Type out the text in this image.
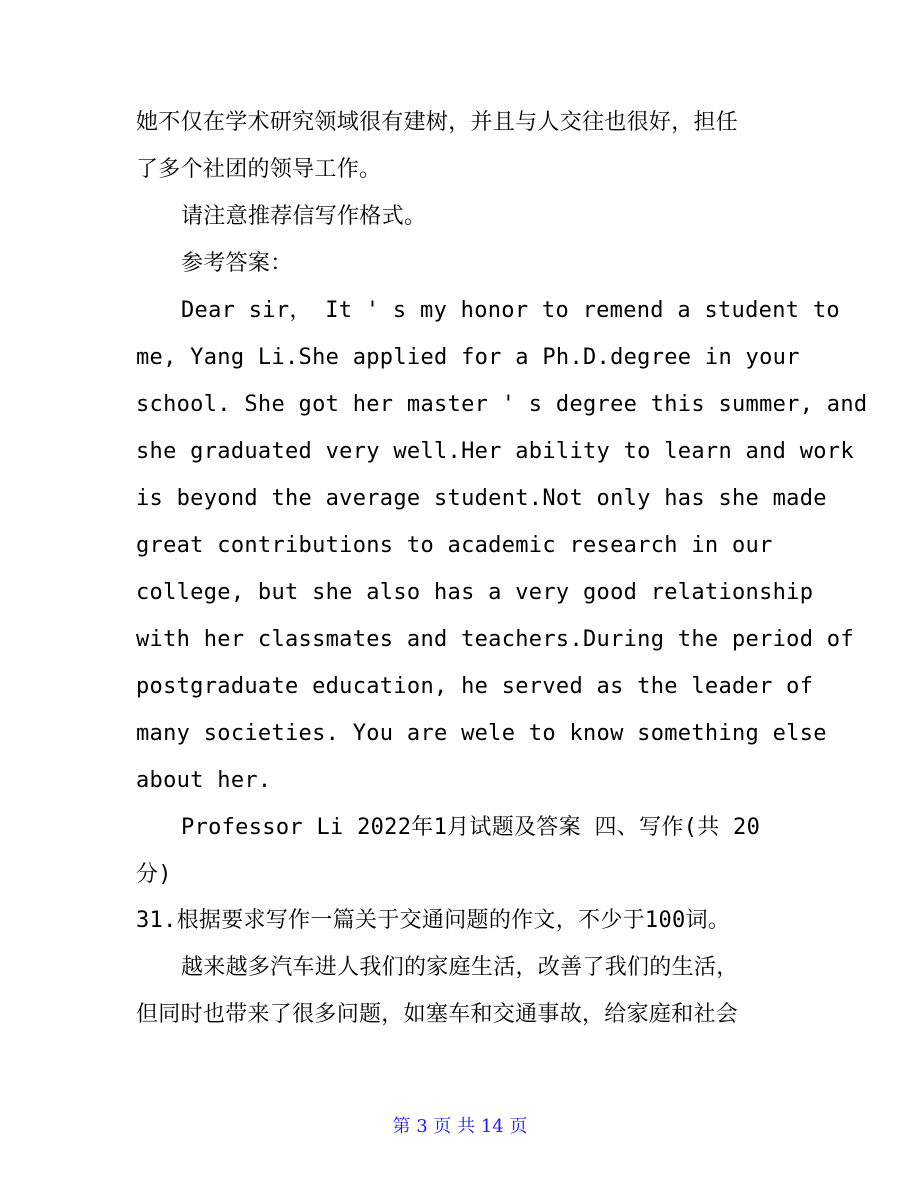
她不仅在学术研究领域很有建树，并且与人交往也很好，担任
了多个社团的领导工作。
请注意推荐信写作格式。
参考答案：
Dear sir， It ' s my honor to remend a student to
me, Yang Li.She applied for a Ph.D.degree in your
school. She got her master ' s degree this summer, and
she graduated very well.Her ability to learn and work
is beyond the average student.Not only has she made
great contributions to academic research in our
college, but she also has a very good relationship
with her classmates and teachers.During the period of
postgraduate education, he served as the leader of
many societies. You are wele to know something else
about her.
Professor Li 2022年1月试题及答案 四、写作(共 20
分)
31.根据要求写作一篇关于交通问题的作文，不少于100词。
越来越多汽车进人我们的家庭生活，改善了我们的生活，
但同时也带来了很多问题，如塞车和交通事故，给家庭和社会
第 3 页 共 14 页
